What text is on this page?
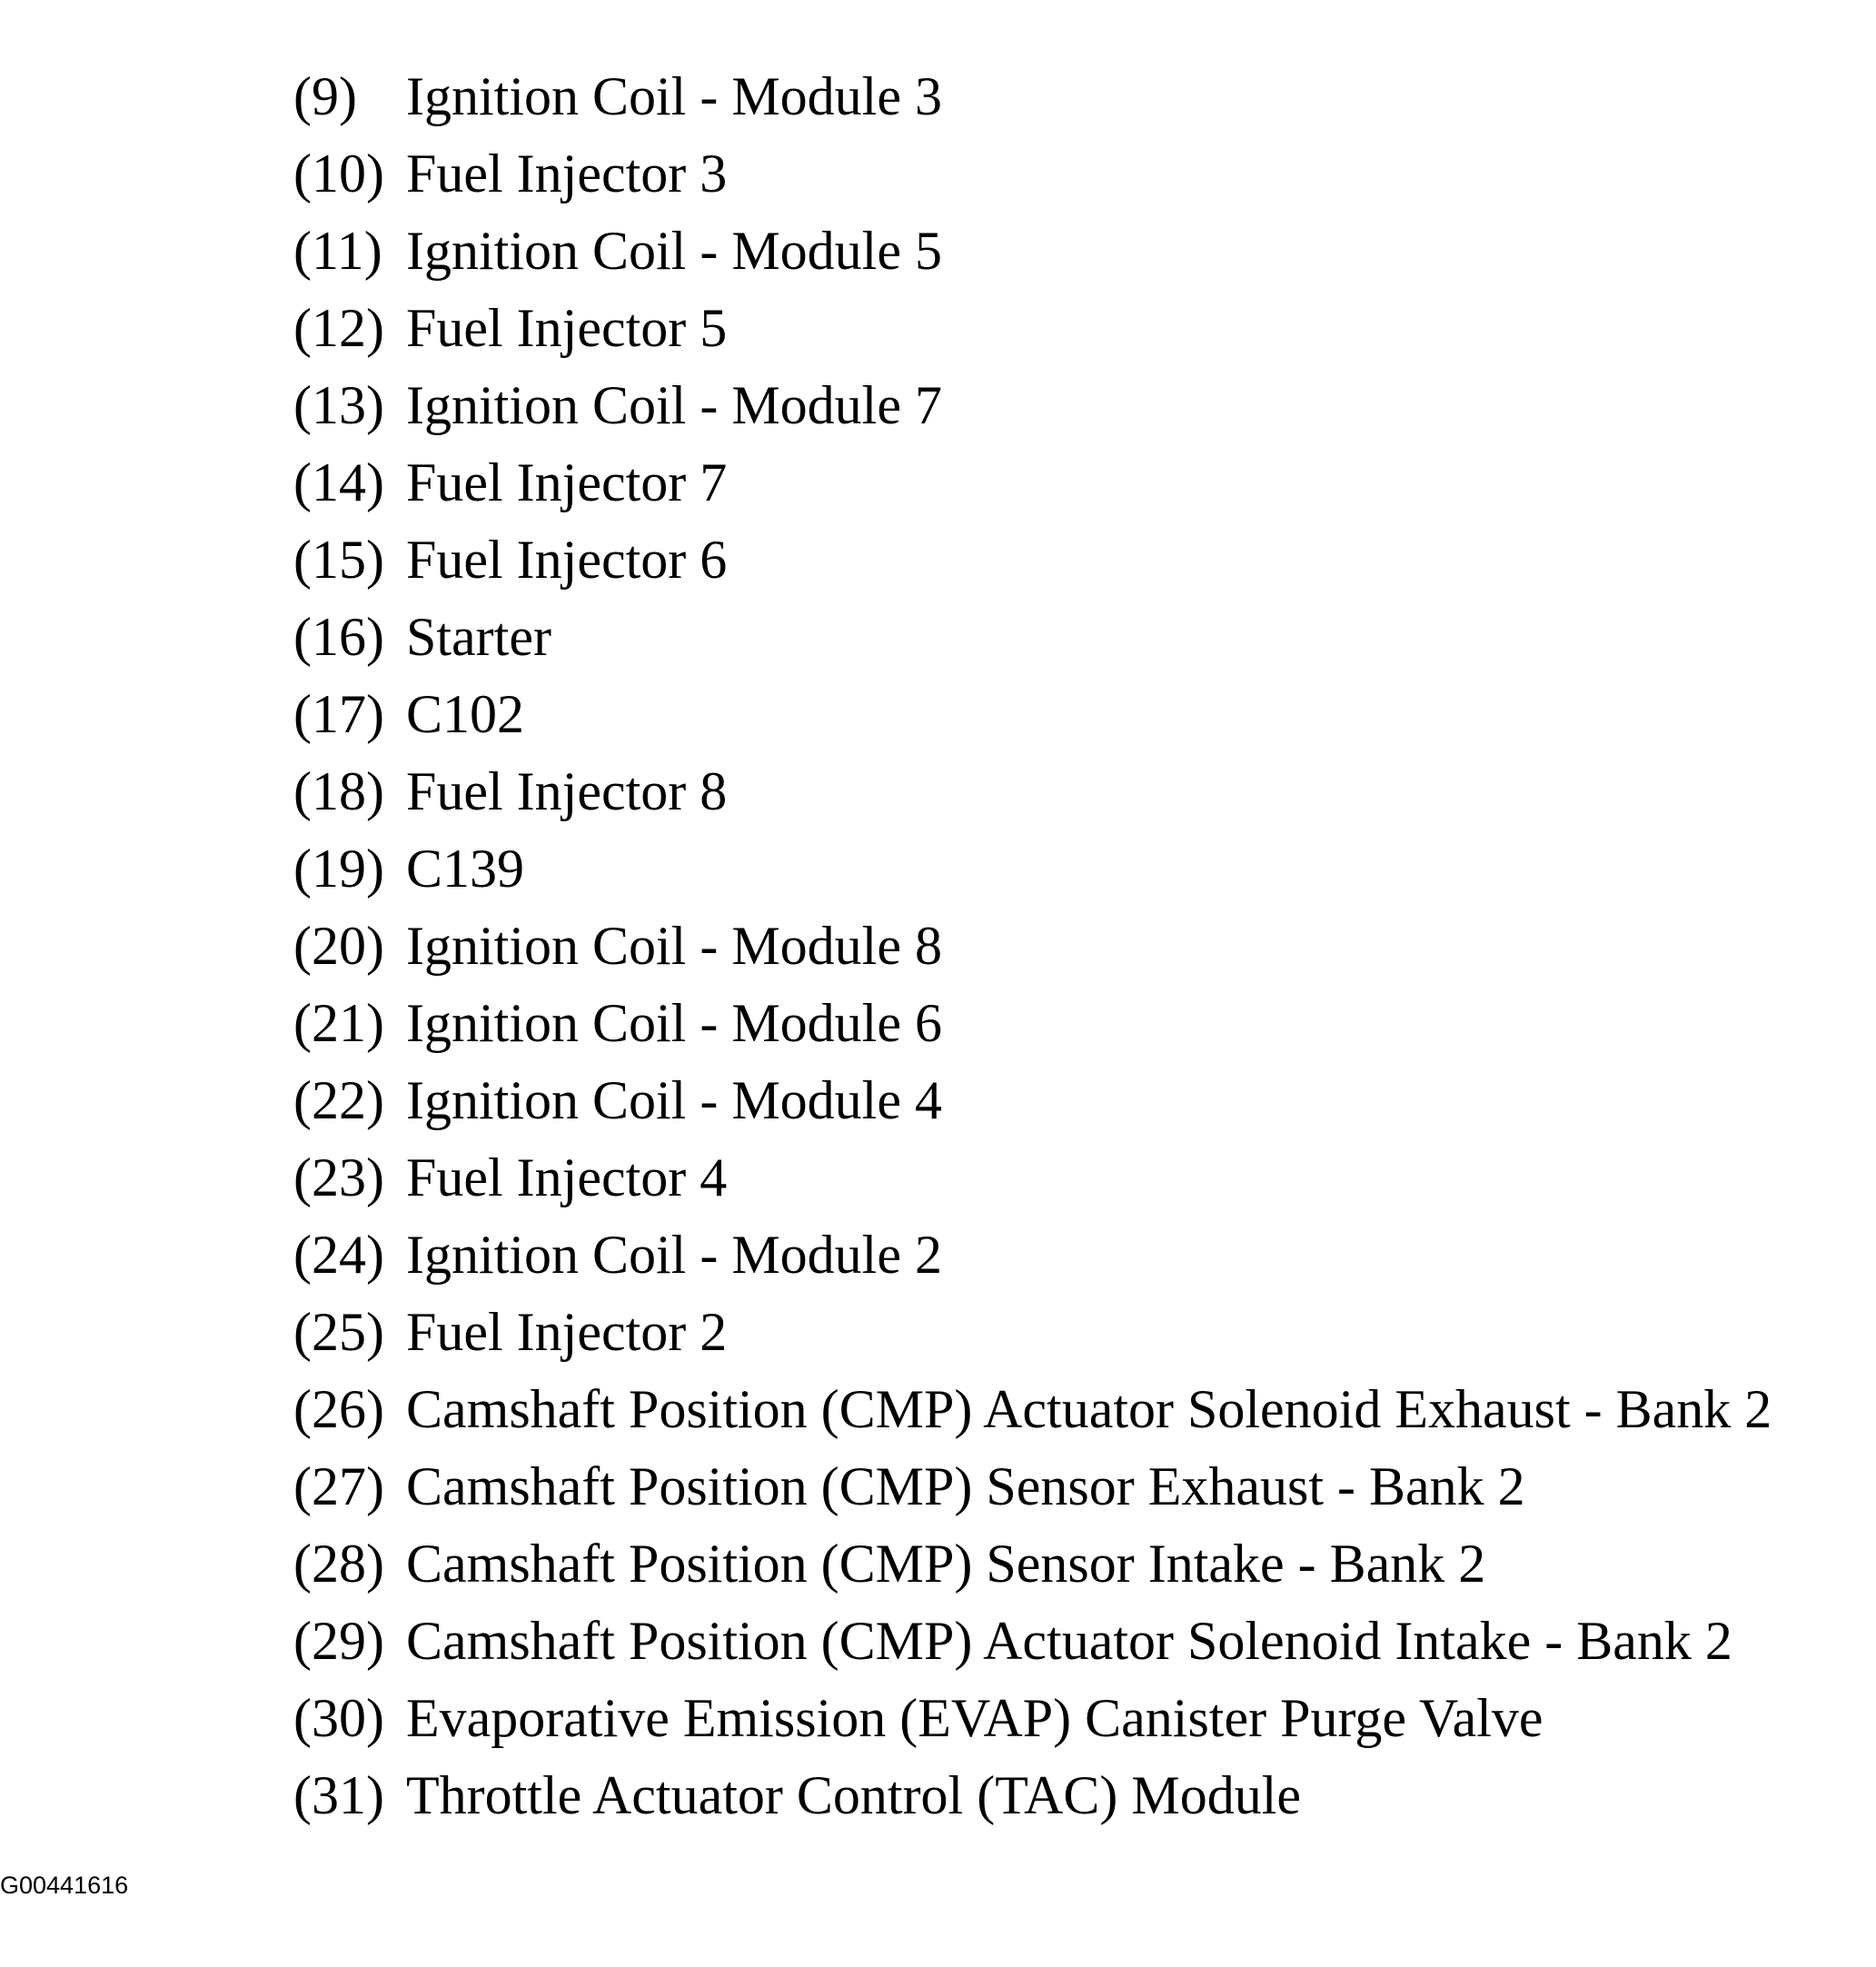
(9) Ignition Coil - Module 3
(10) Fuel Injector 3
(11) Ignition Coil - Module 5
(12) Fuel Injector 5
(13) Ignition Coil - Module 7
(14) Fuel Injector 7
(15) Fuel Injector 6
(16) Starter
(17) C102
(18) Fuel Injector 8
(19) C139
(20) Ignition Coil - Module 8
(21) Ignition Coil - Module 6
(22) Ignition Coil - Module 4
(23) Fuel Injector 4
(24) Ignition Coil - Module 2
(25) Fuel Injector 2
(26) Camshaft Position (CMP) Actuator Solenoid Exhaust - Bank 2
(27) Camshaft Position (CMP) Sensor Exhaust - Bank 2
(28) Camshaft Position (CMP) Sensor Intake - Bank 2
(29) Camshaft Position (CMP) Actuator Solenoid Intake - Bank 2
(30) Evaporative Emission (EVAP) Canister Purge Valve
(31) Throttle Actuator Control (TAC) Module
G00441616
